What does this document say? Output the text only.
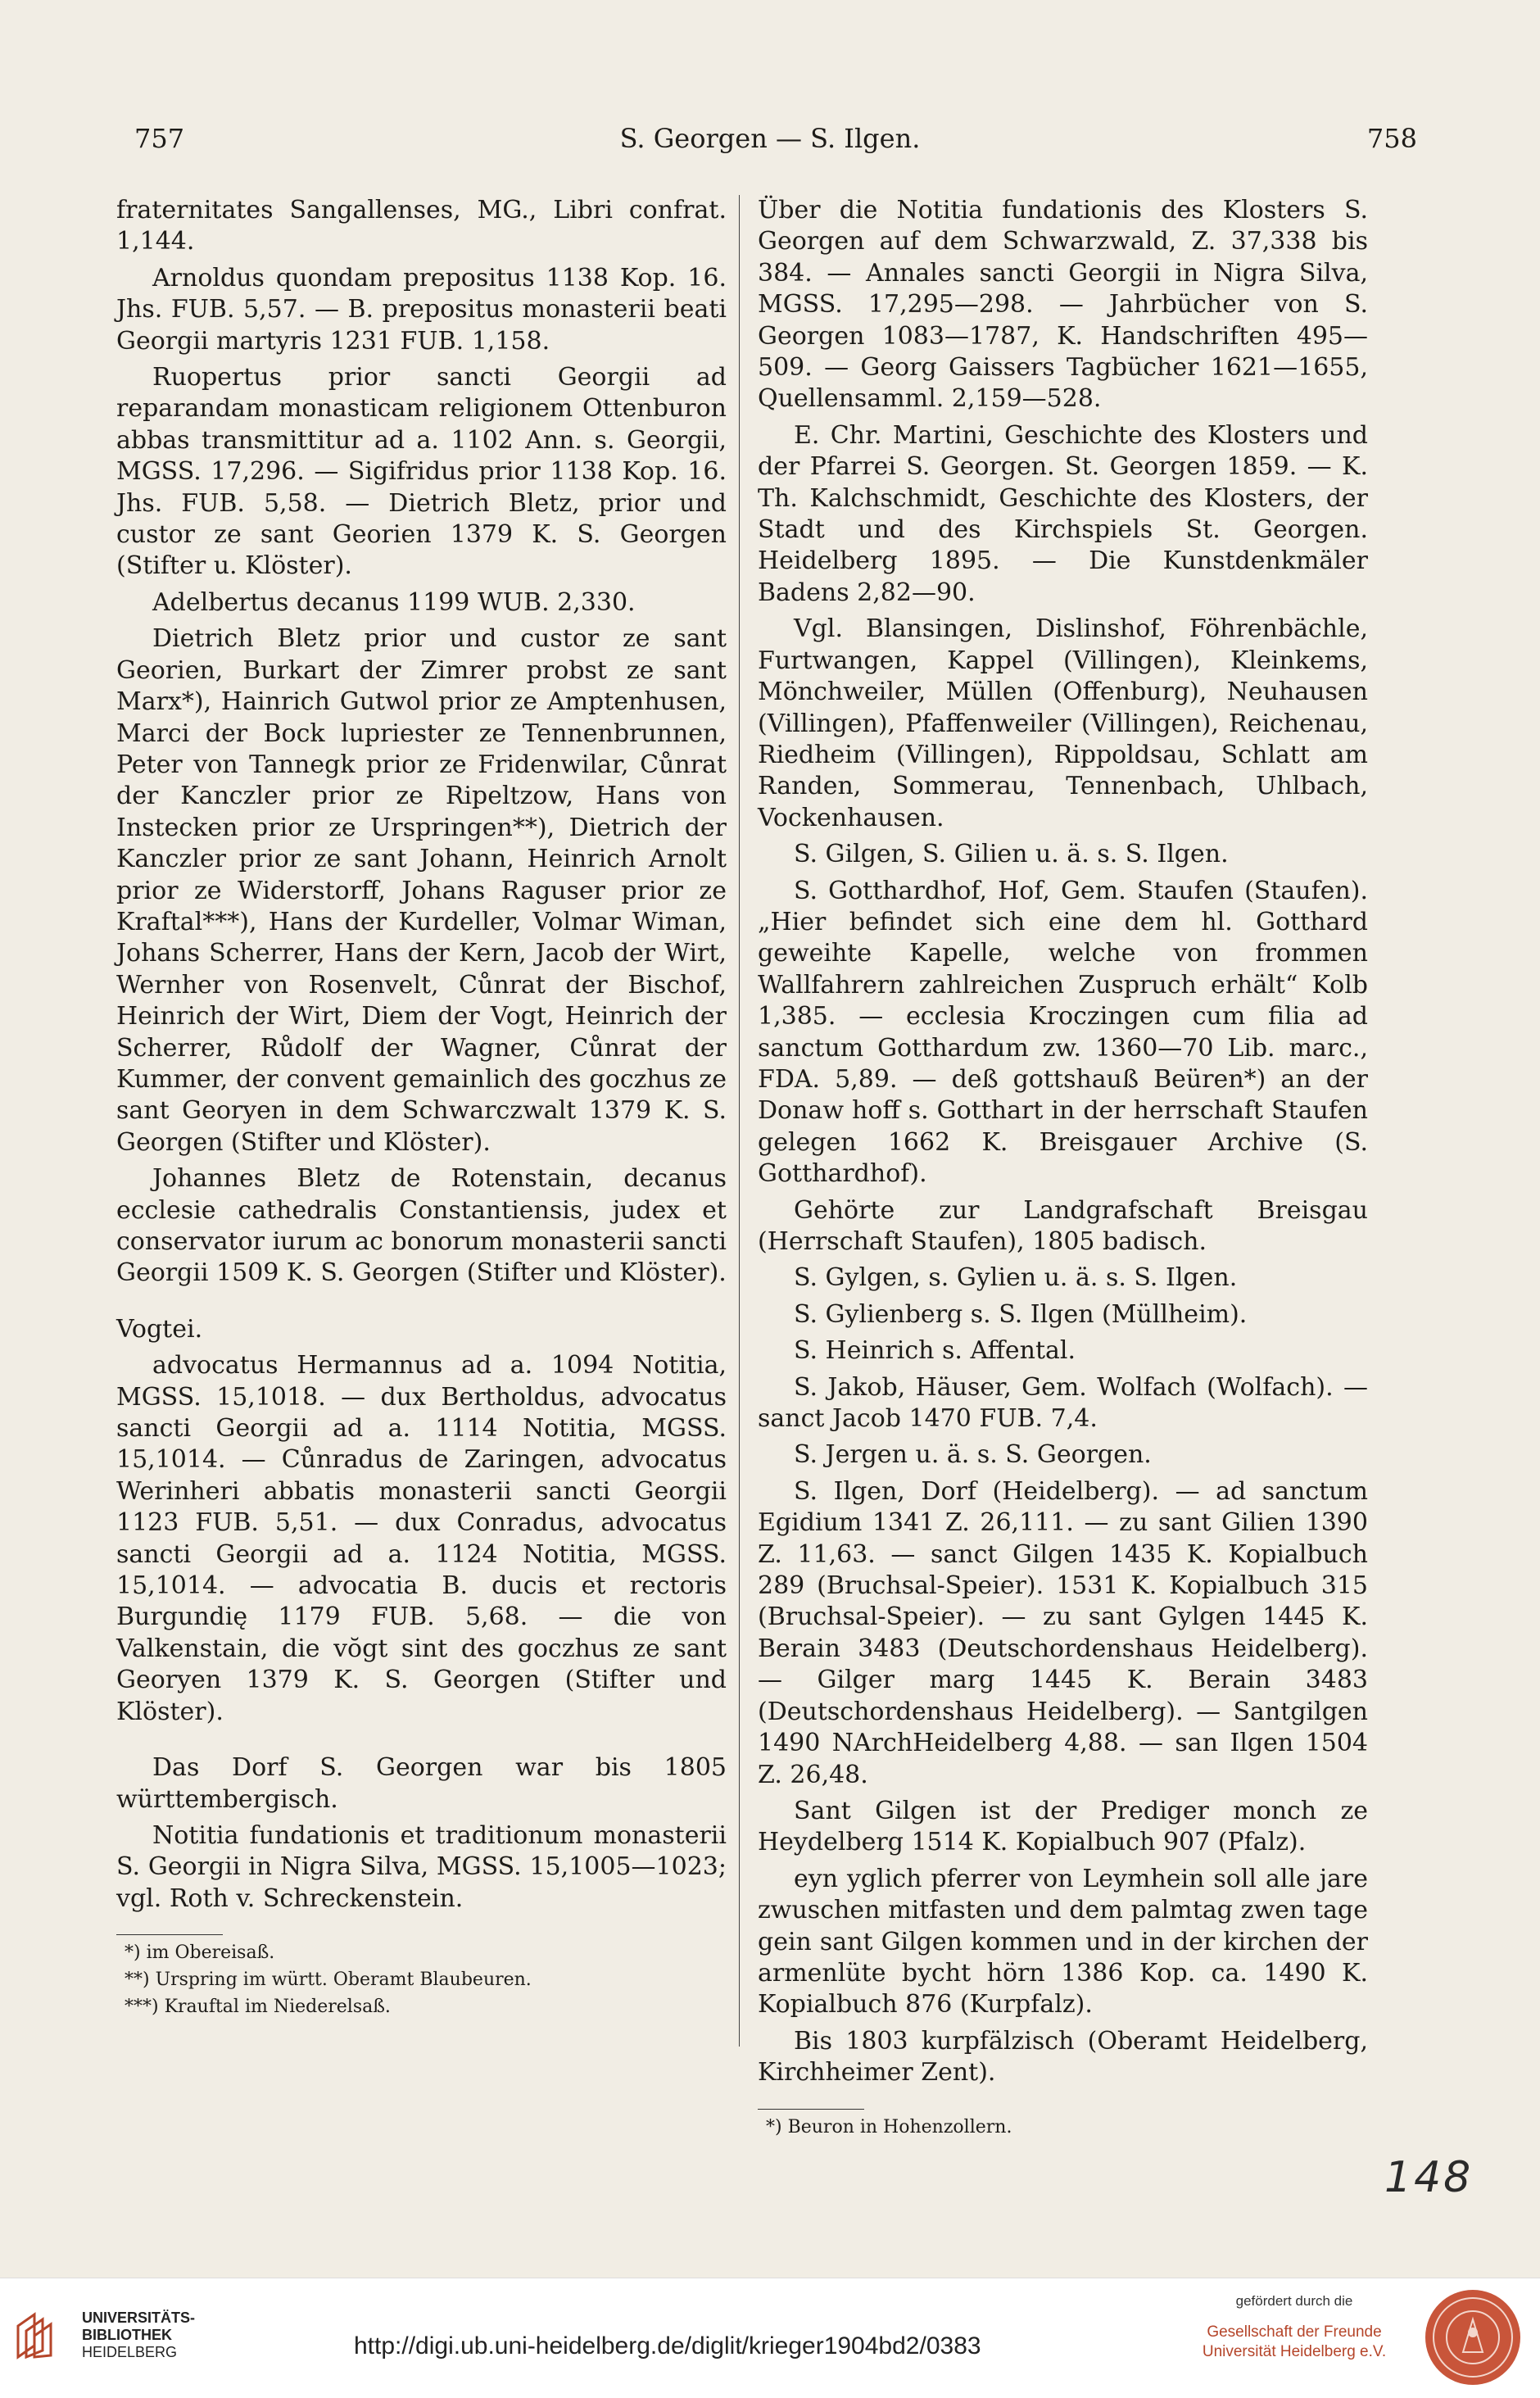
757	S. Georgen — S. Ilgen.	758

fraternitates Sangallenses, MG., Libri confrat. 1,144.

Arnoldus quondam prepositus 1138 Kop. 16. Jhs. FUB. 5,57. — B. prepositus monasterii beati Georgii martyris 1231 FUB. 1,158.

Ruopertus prior sancti Georgii ad reparandam monasticam religionem Ottenburon abbas transmittitur ad a. 1102 Ann. s. Georgii, MGSS. 17,296. — Sigifridus prior 1138 Kop. 16. Jhs. FUB. 5,58. — Dietrich Bletz, prior und custor ze sant Georien 1379 K. S. Georgen (Stifter u. Klöster).

Adelbertus decanus 1199 WUB. 2,330.

Dietrich Bletz prior und custor ze sant Georien, Burkart der Zimrer probst ze sant Marx*), Hainrich Gutwol prior ze Amptenhusen, Marci der Bock lupriester ze Tennenbrunnen, Peter von Tannegk prior ze Fridenwilar, Cůnrat der Kanczler prior ze Ripeltzow, Hans von Instecken prior ze Urspringen**), Dietrich der Kanczler prior ze sant Johann, Heinrich Arnolt prior ze Widerstorff, Johans Raguser prior ze Kraftal***), Hans der Kurdeller, Volmar Wiman, Johans Scherrer, Hans der Kern, Jacob der Wirt, Wernher von Rosenvelt, Cůnrat der Bischof, Heinrich der Wirt, Diem der Vogt, Heinrich der Scherrer, Růdolf der Wagner, Cůnrat der Kummer, der convent gemainlich des goczhus ze sant Georyen in dem Schwarczwalt 1379 K. S. Georgen (Stifter und Klöster).

Johannes Bletz de Rotenstain, decanus ecclesie cathedralis Constantiensis, judex et conservator iurum ac bonorum monasterii sancti Georgii 1509 K. S. Georgen (Stifter und Klöster).

Vogtei.

advocatus Hermannus ad a. 1094 Notitia, MGSS. 15,1018. — dux Bertholdus, advocatus sancti Georgii ad a. 1114 Notitia, MGSS. 15,1014. — Cůnradus de Zaringen, advocatus Werinheri abbatis monasterii sancti Georgii 1123 FUB. 5,51. — dux Conradus, advocatus sancti Georgii ad a. 1124 Notitia, MGSS. 15,1014. — advocatia B. ducis et rectoris Burgundię 1179 FUB. 5,68. — die von Valkenstain, die vŏgt sint des goczhus ze sant Georyen 1379 K. S. Georgen (Stifter und Klöster).

Das Dorf S. Georgen war bis 1805 württembergisch.

Notitia fundationis et traditionum monasterii S. Georgii in Nigra Silva, MGSS. 15,1005—1023; vgl. Roth v. Schreckenstein.

*) im Obereisaß.

**) Urspring im württ. Oberamt Blaubeuren.

***) Krauftal im Niederelsaß.

Über die Notitia fundationis des Klosters S. Georgen auf dem Schwarzwald, Z. 37,338 bis 384. — Annales sancti Georgii in Nigra Silva, MGSS. 17,295—298. — Jahrbücher von S. Georgen 1083—1787, K. Handschriften 495—509. — Georg Gaissers Tagbücher 1621—1655, Quellensamml. 2,159—528.

E. Chr. Martini, Geschichte des Klosters und der Pfarrei S. Georgen. St. Georgen 1859. — K. Th. Kalchschmidt, Geschichte des Klosters, der Stadt und des Kirchspiels St. Georgen. Heidelberg 1895. — Die Kunstdenkmäler Badens 2,82—90.

Vgl. Blansingen, Dislinshof, Föhrenbächle, Furtwangen, Kappel (Villingen), Kleinkems, Mönchweiler, Müllen (Offenburg), Neuhausen (Villingen), Pfaffenweiler (Villingen), Reichenau, Riedheim (Villingen), Rippoldsau, Schlatt am Randen, Sommerau, Tennenbach, Uhlbach, Vockenhausen.

S. Gilgen, S. Gilien u. ä. s. S. Ilgen.

S. Gotthardhof, Hof, Gem. Staufen (Staufen). „Hier befindet sich eine dem hl. Gotthard geweihte Kapelle, welche von frommen Wallfahrern zahlreichen Zuspruch erhält“ Kolb 1,385. — ecclesia Kroczingen cum filia ad sanctum Gotthardum zw. 1360—70 Lib. marc., FDA. 5,89. — deß gottshauß Beüren*) an der Donaw hoff s. Gotthart in der herrschaft Staufen gelegen 1662 K. Breisgauer Archive (S. Gotthardhof).

Gehörte zur Landgrafschaft Breisgau (Herrschaft Staufen), 1805 badisch.

S. Gylgen, s. Gylien u. ä. s. S. Ilgen.

S. Gylienberg s. S. Ilgen (Müllheim).

S. Heinrich s. Affental.

S. Jakob, Häuser, Gem. Wolfach (Wolfach). — sanct Jacob 1470 FUB. 7,4.

S. Jergen u. ä. s. S. Georgen.

S. Ilgen, Dorf (Heidelberg). — ad sanctum Egidium 1341 Z. 26,111. — zu sant Gilien 1390 Z. 11,63. — sanct Gilgen 1435 K. Kopialbuch 289 (Bruchsal-Speier). 1531 K. Kopialbuch 315 (Bruchsal-Speier). — zu sant Gylgen 1445 K. Berain 3483 (Deutschordenshaus Heidelberg). — Gilger marg 1445 K. Berain 3483 (Deutschordenshaus Heidelberg). — Santgilgen 1490 NArchHeidelberg 4,88. — san Ilgen 1504 Z. 26,48.

Sant Gilgen ist der Prediger monch ze Heydelberg 1514 K. Kopialbuch 907 (Pfalz).

eyn yglich pferrer von Leymhein soll alle jare zwuschen mitfasten und dem palmtag zwen tage gein sant Gilgen kommen und in der kirchen der armenlüte bycht hörn 1386 Kop. ca. 1490 K. Kopialbuch 876 (Kurpfalz).

Bis 1803 kurpfälzisch (Oberamt Heidelberg, Kirchheimer Zent).

*) Beuron in Hohenzollern.

148
UNIVERSITÄTS-
BIBLIOTHEK
HEIDELBERG	http://digi.ub.uni-heidelberg.de/diglit/krieger1904bd2/0383
gefördert durch die
Gesellschaft der Freunde
Universität Heidelberg e.V.
